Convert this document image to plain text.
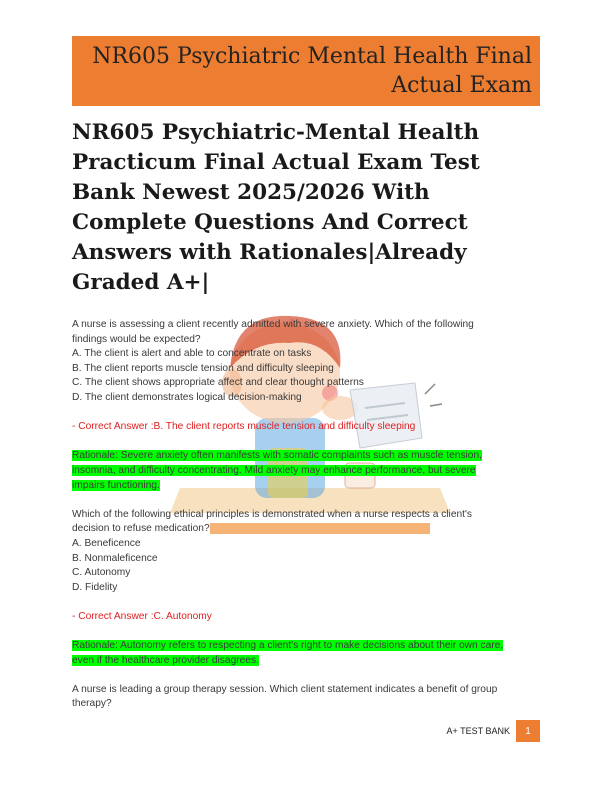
NR605 Psychiatric Mental Health Final
Actual Exam
NR605 Psychiatric-Mental Health Practicum Final Actual Exam Test Bank Newest 2025/2026 With Complete Questions And Correct Answers with Rationales|Already Graded A+|

A nurse is assessing a client recently admitted with severe anxiety. Which of the following

findings would be expected?

A. The client is alert and able to concentrate on tasks

B. The client reports muscle tension and difficulty sleeping

C. The client shows appropriate affect and clear thought patterns

D. The client demonstrates logical decision-making

- Correct Answer :B. The client reports muscle tension and difficulty sleeping

Rationale: Severe anxiety often manifests with somatic complaints such as muscle tension,
insomnia, and difficulty concentrating. Mild anxiety may enhance performance, but severe
impairs functioning.

Which of the following ethical principles is demonstrated when a nurse respects a client's

decision to refuse medication?

A. Beneficence

B. Nonmaleficence

C. Autonomy

D. Fidelity

- Correct Answer :C. Autonomy

Rationale: Autonomy refers to respecting a client's right to make decisions about their own care,
even if the healthcare provider disagrees.

A nurse is leading a group therapy session. Which client statement indicates a benefit of group

therapy?

A+ TEST BANK	1
